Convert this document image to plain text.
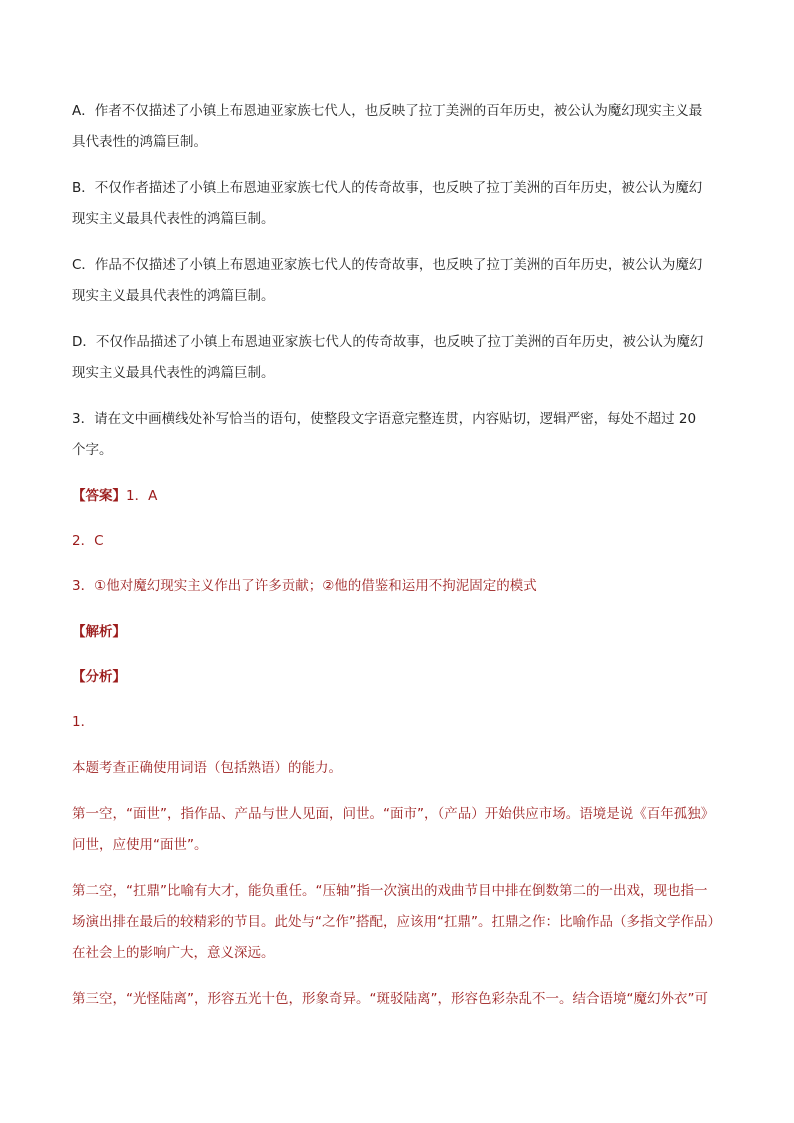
A．作者不仅描述了小镇上布恩迪亚家族七代人，也反映了拉丁美洲的百年历史，被公认为魔幻现实主义最
具代表性的鸿篇巨制。
B．不仅作者描述了小镇上布恩迪亚家族七代人的传奇故事，也反映了拉丁美洲的百年历史，被公认为魔幻
现实主义最具代表性的鸿篇巨制。
C．作品不仅描述了小镇上布恩迪亚家族七代人的传奇故事，也反映了拉丁美洲的百年历史，被公认为魔幻
现实主义最具代表性的鸿篇巨制。
D．不仅作品描述了小镇上布恩迪亚家族七代人的传奇故事，也反映了拉丁美洲的百年历史，被公认为魔幻
现实主义最具代表性的鸿篇巨制。
3．请在文中画横线处补写恰当的语句，使整段文字语意完整连贯，内容贴切，逻辑严密，每处不超过 20
个字。
【答案】1．A
2．C
3．①他对魔幻现实主义作出了许多贡献；②他的借鉴和运用不拘泥固定的模式
【解析】
【分析】
1．
本题考查正确使用词语（包括熟语）的能力。
第一空，“面世”，指作品、产品与世人见面，问世。“面市”，（产品）开始供应市场。语境是说《百年孤独》
问世，应使用“面世”。
第二空，“扛鼎”比喻有大才，能负重任。“压轴”指一次演出的戏曲节目中排在倒数第二的一出戏，现也指一
场演出排在最后的较精彩的节目。此处与“之作”搭配，应该用“扛鼎”。扛鼎之作：比喻作品（多指文学作品）
在社会上的影响广大，意义深远。
第三空，“光怪陆离”，形容五光十色，形象奇异。“斑驳陆离”，形容色彩杂乱不一。结合语境“魔幻外衣”可
